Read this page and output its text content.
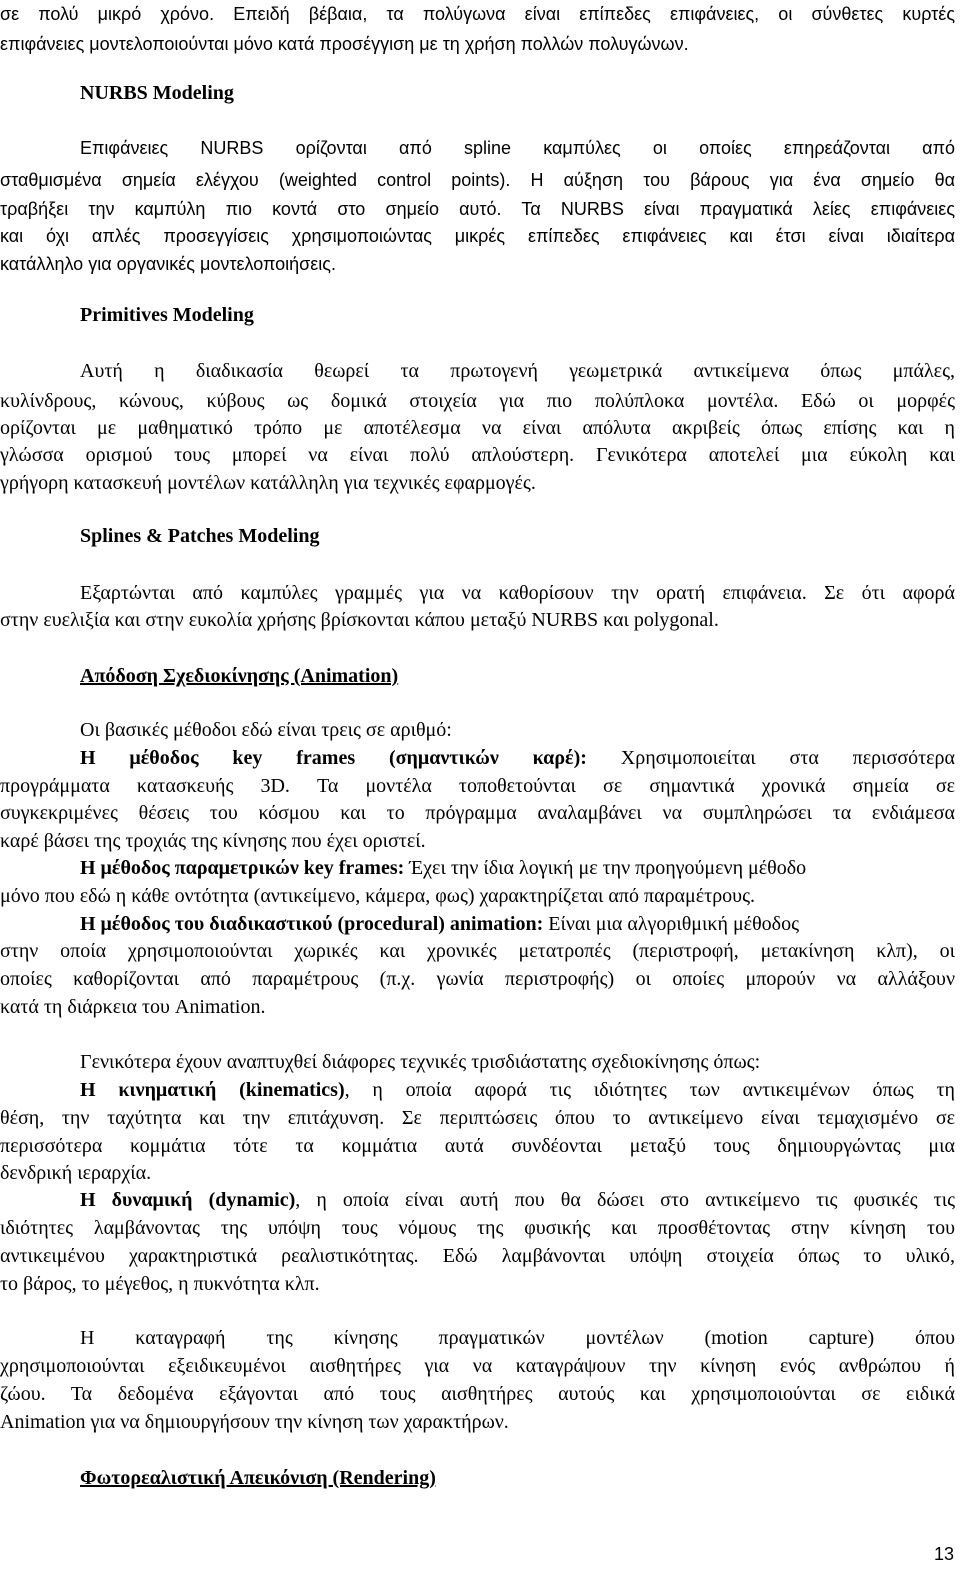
σε πολύ μικρό χρόνο. Επειδή βέβαια, τα πολύγωνα είναι επίπεδες επιφάνειες, οι σύνθετες κυρτές

επιφάνειες μοντελοποιούνται μόνο κατά προσέγγιση με τη χρήση πολλών πολυγώνων.

NURBS Modeling

Επιφάνειες NURBS ορίζονται από spline καμπύλες οι οποίες επηρεάζονται από

σταθμισμένα σημεία ελέγχου (weighted control points). Η αύξηση του βάρους για ένα σημείο θα

τραβήξει την καμπύλη πιο κοντά στο σημείο αυτό. Τα NURBS είναι πραγματικά λείες επιφάνειες

και όχι απλές προσεγγίσεις χρησιμοποιώντας μικρές επίπεδες επιφάνειες και έτσι είναι ιδιαίτερα

κατάλληλο για οργανικές μοντελοποιήσεις.

Primitives Modeling

Αυτή η διαδικασία θεωρεί τα πρωτογενή γεωμετρικά αντικείμενα όπως μπάλες,

κυλίνδρους, κώνους, κύβους ως δομικά στοιχεία για πιο πολύπλοκα μοντέλα. Εδώ οι μορφές

ορίζονται με μαθηματικό τρόπο με αποτέλεσμα να είναι απόλυτα ακριβείς όπως επίσης και η

γλώσσα ορισμού τους μπορεί να είναι πολύ απλούστερη. Γενικότερα αποτελεί μια εύκολη και

γρήγορη κατασκευή μοντέλων κατάλληλη για τεχνικές εφαρμογές.

Splines & Patches Modeling

Εξαρτώνται από καμπύλες γραμμές για να καθορίσουν την ορατή επιφάνεια. Σε ότι αφορά

στην ευελιξία και στην ευκολία χρήσης βρίσκονται κάπου μεταξύ NURBS και polygonal.

Απόδοση Σχεδιοκίνησης (Animation)

Οι βασικές μέθοδοι εδώ είναι τρεις σε αριθμό:

Η μέθοδος key frames (σημαντικών καρέ): Χρησιμοποιείται στα περισσότερα

προγράμματα κατασκευής 3D. Τα μοντέλα τοποθετούνται σε σημαντικά χρονικά σημεία σε

συγκεκριμένες θέσεις του κόσμου και το πρόγραμμα αναλαμβάνει να συμπληρώσει τα ενδιάμεσα

καρέ βάσει της τροχιάς της κίνησης που έχει οριστεί.

Η μέθοδος παραμετρικών key frames: Έχει την ίδια λογική με την προηγούμενη μέθοδο

μόνο που εδώ η κάθε οντότητα (αντικείμενο, κάμερα, φως) χαρακτηρίζεται από παραμέτρους.

Η μέθοδος του διαδικαστικού (procedural) animation: Είναι μια αλγοριθμική μέθοδος

στην οποία χρησιμοποιούνται χωρικές και χρονικές μετατροπές (περιστροφή, μετακίνηση κλπ), οι

οποίες καθορίζονται από παραμέτρους (π.χ. γωνία περιστροφής) οι οποίες μπορούν να αλλάξουν

κατά τη διάρκεια του Animation.

Γενικότερα έχουν αναπτυχθεί διάφορες τεχνικές τρισδιάστατης σχεδιοκίνησης όπως:

Η κινηματική (kinematics), η οποία αφορά τις ιδιότητες των αντικειμένων όπως τη

θέση, την ταχύτητα και την επιτάχυνση. Σε περιπτώσεις όπου το αντικείμενο είναι τεμαχισμένο σε

περισσότερα κομμάτια τότε τα κομμάτια αυτά συνδέονται μεταξύ τους δημιουργώντας μια

δενδρική ιεραρχία.

Η δυναμική (dynamic), η οποία είναι αυτή που θα δώσει στο αντικείμενο τις φυσικές τις

ιδιότητες λαμβάνοντας της υπόψη τους νόμους της φυσικής και προσθέτοντας στην κίνηση του

αντικειμένου χαρακτηριστικά ρεαλιστικότητας. Εδώ λαμβάνονται υπόψη στοιχεία όπως το υλικό,

το βάρος, το μέγεθος, η πυκνότητα κλπ.

Η καταγραφή της κίνησης πραγματικών μοντέλων (motion capture) όπου

χρησιμοποιούνται εξειδικευμένοι αισθητήρες για να καταγράψουν την κίνηση ενός ανθρώπου ή

ζώου. Τα δεδομένα εξάγονται από τους αισθητήρες αυτούς και χρησιμοποιούνται σε ειδικά

Animation για να δημιουργήσουν την κίνηση των χαρακτήρων.

Φωτορεαλιστική Απεικόνιση (Rendering)

13
